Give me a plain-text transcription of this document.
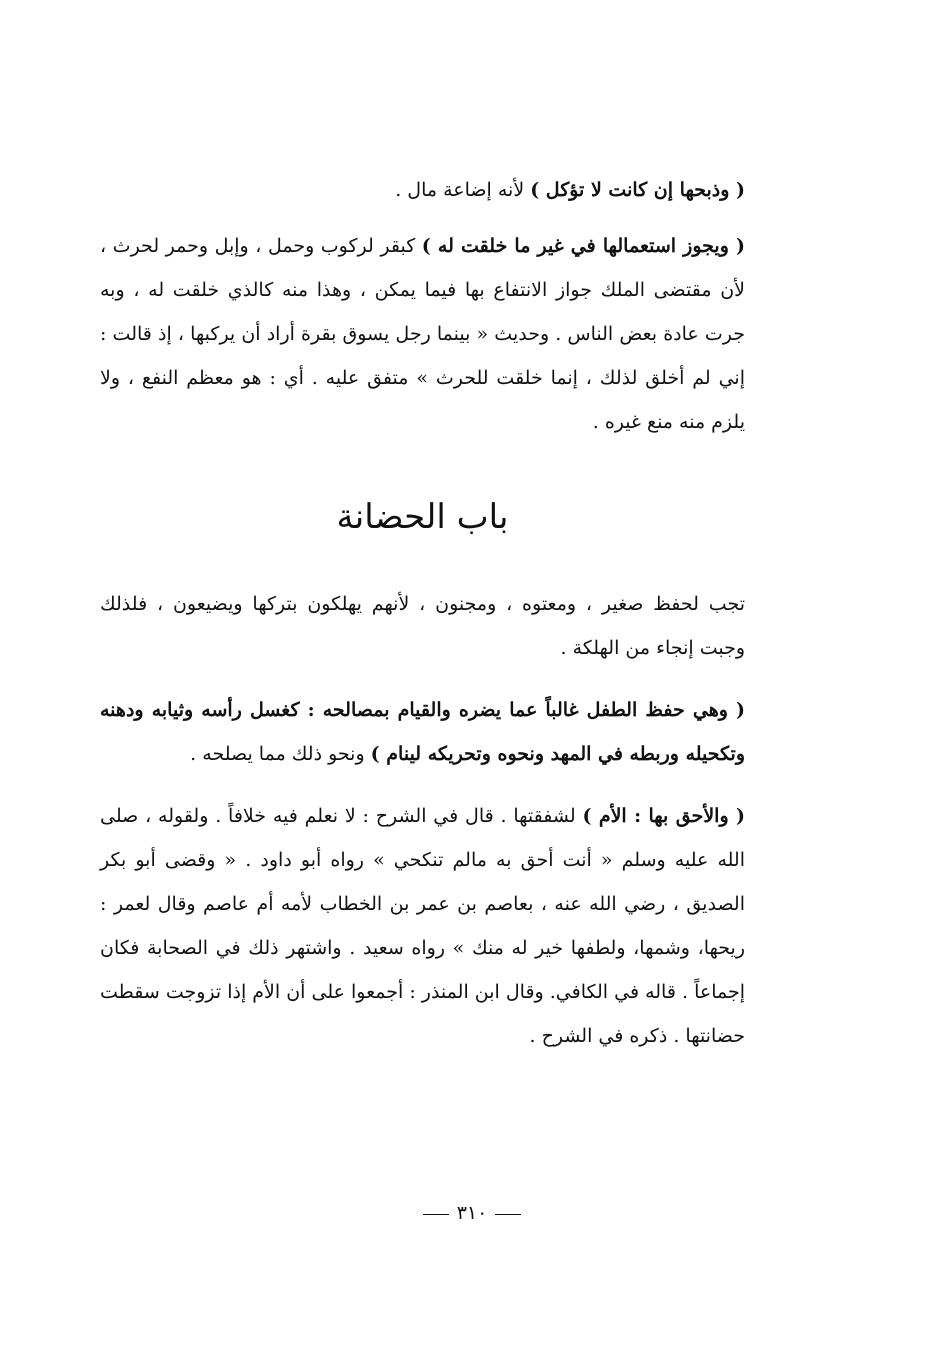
( وذبحها إن كانت لا تؤكل ) لأنه إضاعة مال .

( ويجوز استعمالها في غير ما خلقت له ) كبقر لركوب وحمل ، وإبل وحمر لحرث ، لأن مقتضى الملك جواز الانتفاع بها فيما يمكن ، وهذا منه كالذي خلقت له ، وبه جرت عادة بعض الناس . وحديث « بينما رجل يسوق بقرة أراد أن يركبها ، إذ قالت : إني لم أخلق لذلك ، إنما خلقت للحرث » متفق عليه . أي : هو معظم النفع ، ولا يلزم منه منع غيره .

باب الحضانة

تجب لحفظ صغير ، ومعتوه ، ومجنون ، لأنهم يهلكون بتركها ويضيعون ، فلذلك وجبت إنجاء من الهلكة .

( وهي حفظ الطفل غالباً عما يضره والقيام بمصالحه : كغسل رأسه وثيابه ودهنه وتكحيله وربطه في المهد ونحوه وتحريكه لينام ) ونحو ذلك مما يصلحه .

( والأحق بها : الأم ) لشفقتها . قال في الشرح : لا نعلم فيه خلافاً . ولقوله ، صلى الله عليه وسلم « أنت أحق به مالم تنكحي » رواه أبو داود . « وقضى أبو بكر الصديق ، رضي الله عنه ، بعاصم بن عمر بن الخطاب لأمه أم عاصم وقال لعمر : ريحها، وشمها، ولطفها خير له منك » رواه سعيد . واشتهر ذلك في الصحابة فكان إجماعاً . قاله في الكافي. وقال ابن المنذر : أجمعوا على أن الأم إذا تزوجت سقطت حضانتها . ذكره في الشرح .

٣١٠
